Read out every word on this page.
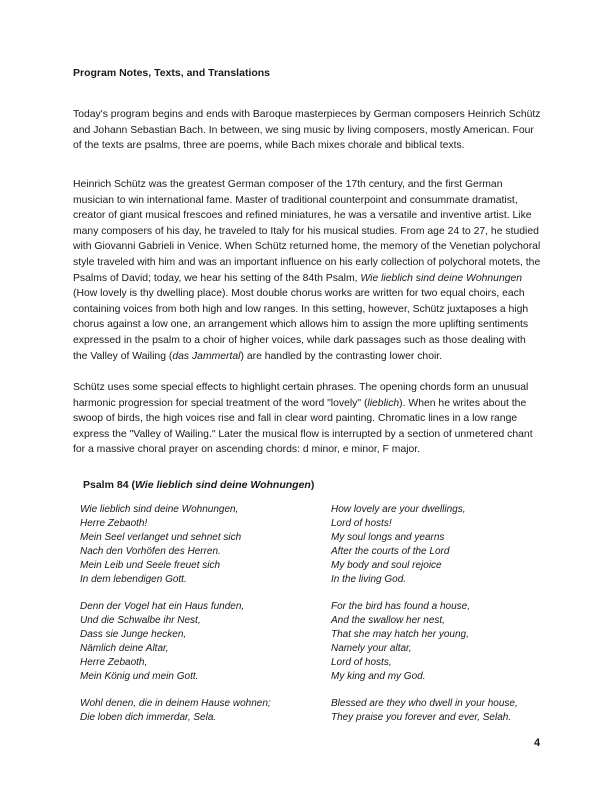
Program Notes, Texts, and Translations

Today's program begins and ends with Baroque masterpieces by German composers Heinrich Schütz and Johann Sebastian Bach. In between, we sing music by living composers, mostly American. Four of the texts are psalms, three are poems, while Bach mixes chorale and biblical texts.

Heinrich Schütz was the greatest German composer of the 17th century, and the first German musician to win international fame. Master of traditional counterpoint and consummate dramatist, creator of giant musical frescoes and refined miniatures, he was a versatile and inventive artist. Like many composers of his day, he traveled to Italy for his musical studies. From age 24 to 27, he studied with Giovanni Gabrieli in Venice. When Schütz returned home, the memory of the Venetian polychoral style traveled with him and was an important influence on his early collection of polychoral motets, the Psalms of David; today, we hear his setting of the 84th Psalm, Wie lieblich sind deine Wohnungen (How lovely is thy dwelling place). Most double chorus works are written for two equal choirs, each containing voices from both high and low ranges. In this setting, however, Schütz juxtaposes a high chorus against a low one, an arrangement which allows him to assign the more uplifting sentiments expressed in the psalm to a choir of higher voices, while dark passages such as those dealing with the Valley of Wailing (das Jammertal) are handled by the contrasting lower choir.

Schütz uses some special effects to highlight certain phrases. The opening chords form an unusual harmonic progression for special treatment of the word "lovely" (lieblich). When he writes about the swoop of birds, the high voices rise and fall in clear word painting. Chromatic lines in a low range express the "Valley of Wailing." Later the musical flow is interrupted by a section of unmetered chant for a massive choral prayer on ascending chords: d minor, e minor, F major.

Psalm 84 (Wie lieblich sind deine Wohnungen)
Wie lieblich sind deine Wohnungen,
Herre Zebaoth!
Mein Seel verlanget und sehnet sich
Nach den Vorhöfen des Herren.
Mein Leib und Seele freuet sich
In dem lebendigen Gott.
Denn der Vogel hat ein Haus funden,
Und die Schwalbe ihr Nest,
Dass sie Junge hecken,
Nämlich deine Altar,
Herre Zebaoth,
Mein König und mein Gott.
Wohl denen, die in deinem Hause wohnen;
Die loben dich immerdar, Sela.
How lovely are your dwellings,
Lord of hosts!
My soul longs and yearns
After the courts of the Lord
My body and soul rejoice
In the living God.
For the bird has found a house,
And the swallow her nest,
That she may hatch her young,
Namely your altar,
Lord of hosts,
My king and my God.
Blessed are they who dwell in your house,
They praise you forever and ever, Selah.
4
